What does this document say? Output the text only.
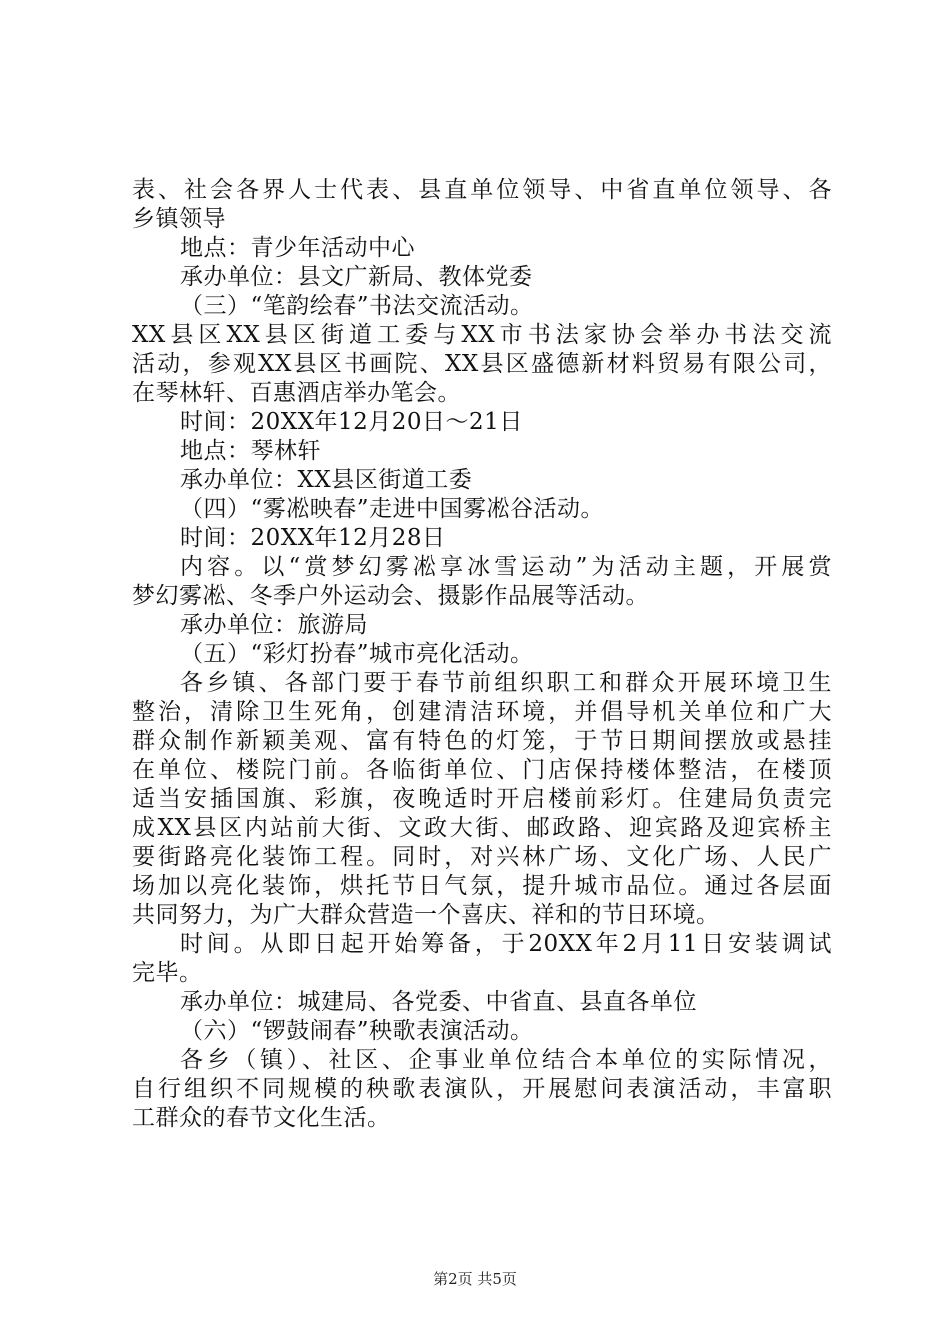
表、社会各界人士代表、县直单位领导、中省直单位领导、各
乡镇领导
地点：青少年活动中心
承办单位：县文广新局、教体党委
（三）“笔韵绘春”书法交流活动。
XX县区XX县区街道工委与XX市书法家协会举办书法交流
活动，参观XX县区书画院、XX县区盛德新材料贸易有限公司，
在琴林轩、百惠酒店举办笔会。
时间：20XX年12月20日～21日
地点：琴林轩
承办单位：XX县区街道工委
（四）“雾凇映春”走进中国雾凇谷活动。
时间：20XX年12月28日
内容。以“赏梦幻雾凇享冰雪运动”为活动主题，开展赏
梦幻雾凇、冬季户外运动会、摄影作品展等活动。
承办单位：旅游局
（五）“彩灯扮春”城市亮化活动。
各乡镇、各部门要于春节前组织职工和群众开展环境卫生
整治，清除卫生死角，创建清洁环境，并倡导机关单位和广大
群众制作新颖美观、富有特色的灯笼，于节日期间摆放或悬挂
在单位、楼院门前。各临街单位、门店保持楼体整洁，在楼顶
适当安插国旗、彩旗，夜晚适时开启楼前彩灯。住建局负责完
成XX县区内站前大街、文政大街、邮政路、迎宾路及迎宾桥主
要街路亮化装饰工程。同时，对兴林广场、文化广场、人民广
场加以亮化装饰，烘托节日气氛，提升城市品位。通过各层面
共同努力，为广大群众营造一个喜庆、祥和的节日环境。
时间。从即日起开始筹备，于20XX年2月11日安装调试
完毕。
承办单位：城建局、各党委、中省直、县直各单位
（六）“锣鼓闹春”秧歌表演活动。
各乡（镇）、社区、企事业单位结合本单位的实际情况，
自行组织不同规模的秧歌表演队，开展慰问表演活动，丰富职
工群众的春节文化生活。
第2页 共5页
